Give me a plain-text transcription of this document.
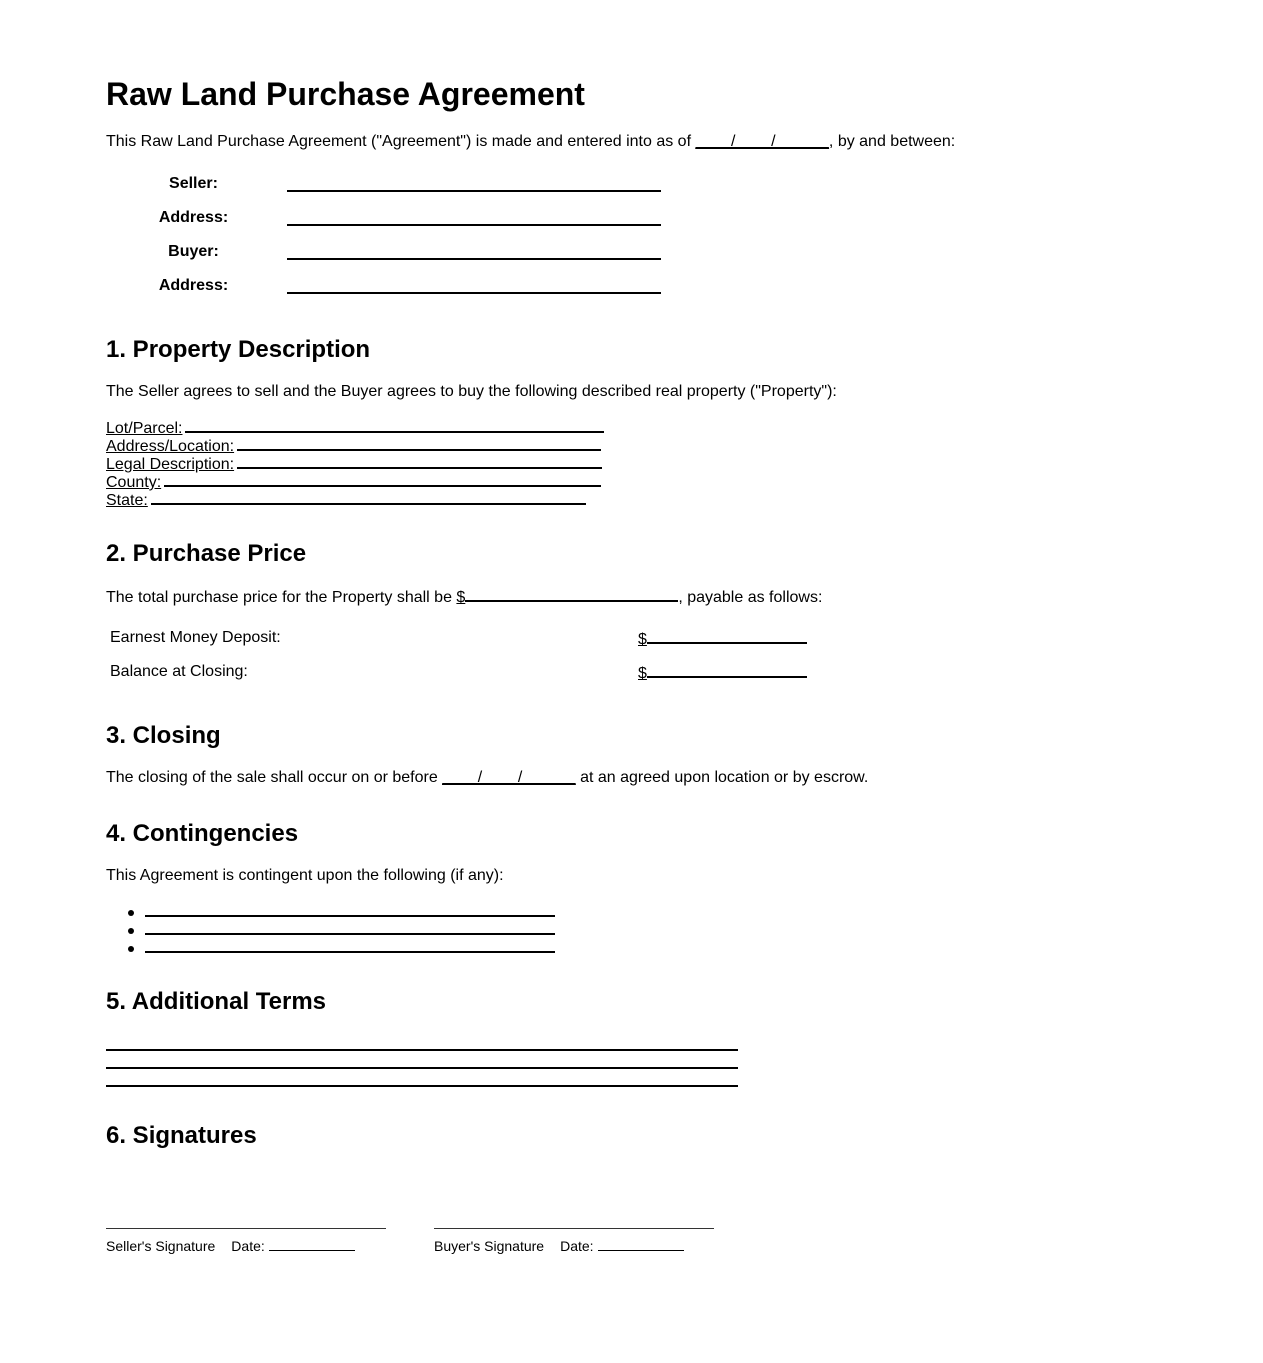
Raw Land Purchase Agreement

This Raw Land Purchase Agreement ("Agreement") is made and entered into as of ____/____/______, by and between:

Seller:
Address:
Buyer:
Address:
1. Property Description

The Seller agrees to sell and the Buyer agrees to buy the following described real property ("Property"):

Lot/Parcel:
Address/Location:
Legal Description:
County:
State:
2. Purchase Price

The total purchase price for the Property shall be $	, payable as follows:

Earnest Money Deposit:	$
Balance at Closing:	$
3. Closing

The closing of the sale shall occur on or before ____/____/______ at an agreed upon location or by escrow.

4. Contingencies

This Agreement is contingent upon the following (if any):

5. Additional Terms
6. Signatures
Seller's Signature Date:	Buyer's Signature Date:
